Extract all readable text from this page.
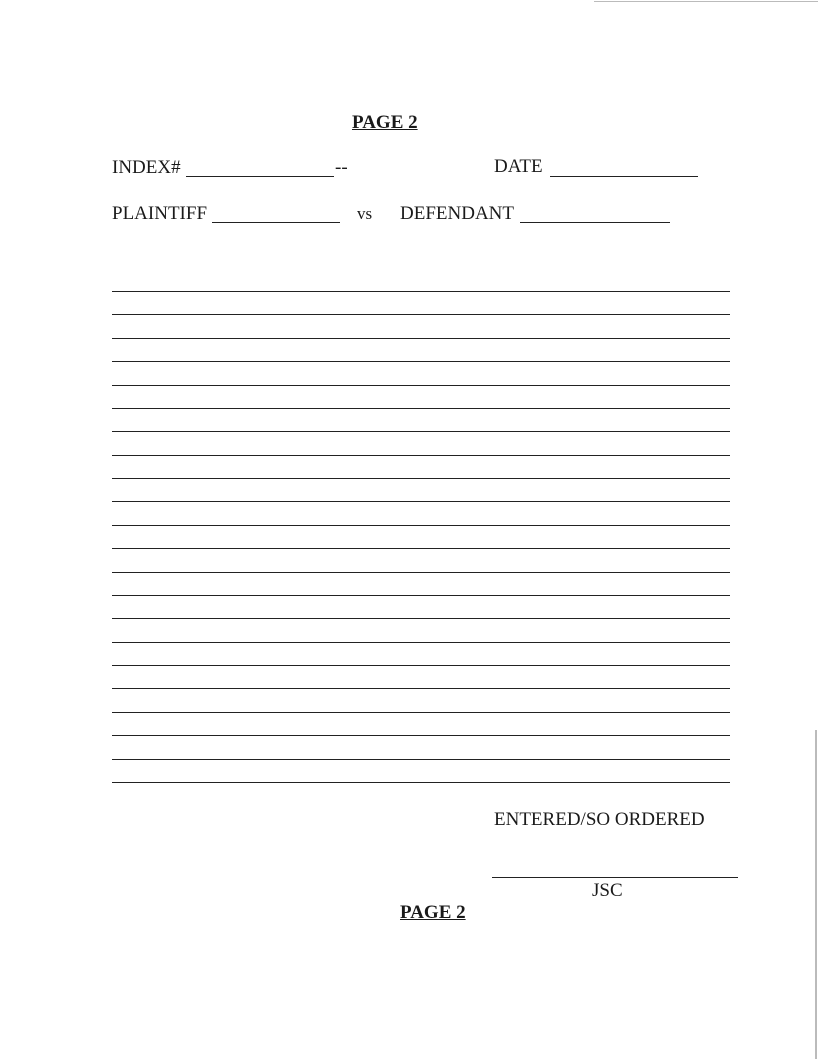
PAGE 2
INDEX#	--	DATE
PLAINTIFF	vs DEFENDANT
ENTERED/SO ORDERED
JSC
PAGE 2
